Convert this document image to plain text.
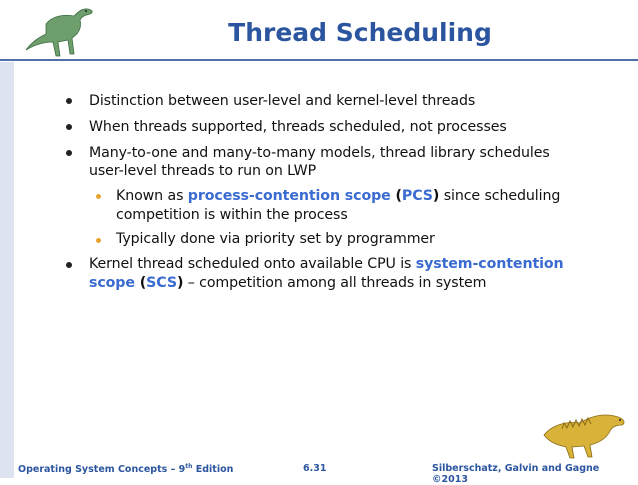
Thread Scheduling
Distinction between user-level and kernel-level threads
When threads supported, threads scheduled, not processes
Many-to-one and many-to-many models, thread library schedules
user-level threads to run on LWP
Known as process-contention scope (PCS) since scheduling
competition is within the process
Typically done via priority set by programmer
Kernel thread scheduled onto available CPU is system-contention
scope (SCS) – competition among all threads in system
Operating System Concepts – 9th Edition	6.31	Silberschatz, Galvin and Gagne ©2013
